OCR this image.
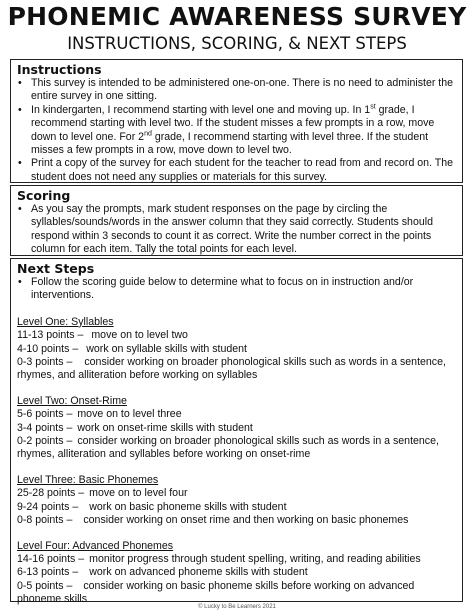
PHONEMIC AWARENESS SURVEY
INSTRUCTIONS, SCORING, & NEXT STEPS
Instructions
• This survey is intended to be administered one-on-one. There is no need to administer the entire survey in one sitting.
• In kindergarten, I recommend starting with level one and moving up. In 1st grade, I recommend starting with level two. If the student misses a few prompts in a row, move down to level one. For 2nd grade, I recommend starting with level three. If the student misses a few prompts in a row, move down to level two.
• Print a copy of the survey for each student for the teacher to read from and record on. The student does not need any supplies or materials for this survey.
Scoring
• As you say the prompts, mark student responses on the page by circling the syllables/sounds/words in the answer column that they said correctly. Students should respond within 3 seconds to count it as correct. Write the number correct in the points column for each item. Tally the total points for each level.
Next Steps
• Follow the scoring guide below to determine what to focus on in instruction and/or interventions.
Level One: Syllables
11-13 points – move on to level two
4-10 points – work on syllable skills with student
0-3 points – consider working on broader phonological skills such as words in a sentence, rhymes, and alliteration before working on syllables
Level Two: Onset-Rime
5-6 points – move on to level three
3-4 points – work on onset-rime skills with student
0-2 points – consider working on broader phonological skills such as words in a sentence, rhymes, alliteration and syllables before working on onset-rime
Level Three: Basic Phonemes
25-28 points – move on to level four
9-24 points –	work on basic phoneme skills with student
0-8 points –	consider working on onset rime and then working on basic phonemes
Level Four: Advanced Phonemes
14-16 points – monitor progress through student spelling, writing, and reading abilities
6-13 points –	work on advanced phoneme skills with student
0-5 points – consider working on basic phoneme skills before working on advanced phoneme skills
© Lucky to Be Learners 2021
